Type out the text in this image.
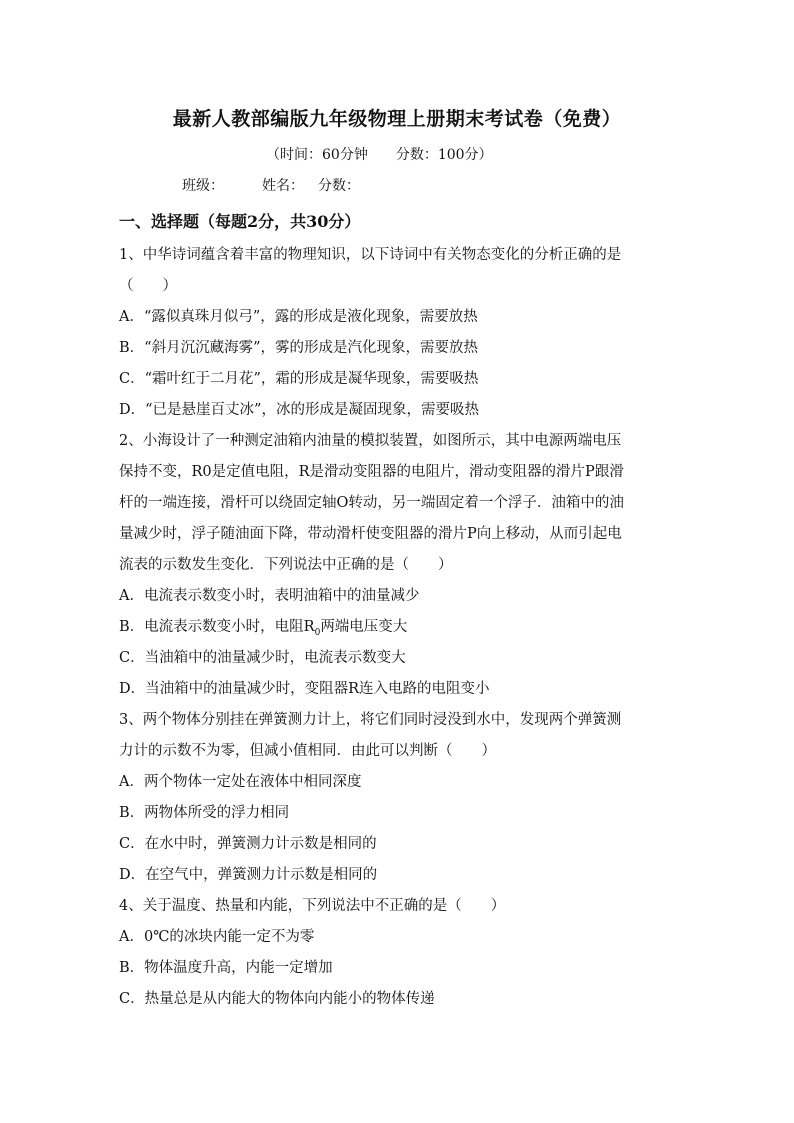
最新人教部编版九年级物理上册期末考试卷（免费）
（时间：60分钟 分数：100分）
班级：	姓名： 分数：
一、选择题（每题2分，共30分）
1、中华诗词蕴含着丰富的物理知识，以下诗词中有关物态变化的分析正确的是
（　　）
A．“露似真珠月似弓”，露的形成是液化现象，需要放热
B．“斜月沉沉藏海雾”，雾的形成是汽化现象，需要放热
C．“霜叶红于二月花”，霜的形成是凝华现象，需要吸热
D．“已是悬崖百丈冰”，冰的形成是凝固现象，需要吸热
2、小海设计了一种测定油箱内油量的模拟装置，如图所示，其中电源两端电压
保持不变，R0是定值电阻，R是滑动变阻器的电阻片，滑动变阻器的滑片P跟滑
杆的一端连接，滑杆可以绕固定轴O转动，另一端固定着一个浮子．油箱中的油
量减少时，浮子随油面下降，带动滑杆使变阻器的滑片P向上移动，从而引起电
流表的示数发生变化．下列说法中正确的是（　　）
A．电流表示数变小时，表明油箱中的油量减少
B．电流表示数变小时，电阻$R_0$两端电压变大
C．当油箱中的油量减少时，电流表示数变大
D．当油箱中的油量减少时，变阻器R连入电路的电阻变小
3、两个物体分别挂在弹簧测力计上，将它们同时浸没到水中，发现两个弹簧测
力计的示数不为零，但减小值相同．由此可以判断（　　）
A．两个物体一定处在液体中相同深度
B．两物体所受的浮力相同
C．在水中时，弹簧测力计示数是相同的
D．在空气中，弹簧测力计示数是相同的
4、关于温度、热量和内能，下列说法中不正确的是（　　）
A．0℃的冰块内能一定不为零
B．物体温度升高，内能一定增加
C．热量总是从内能大的物体向内能小的物体传递
